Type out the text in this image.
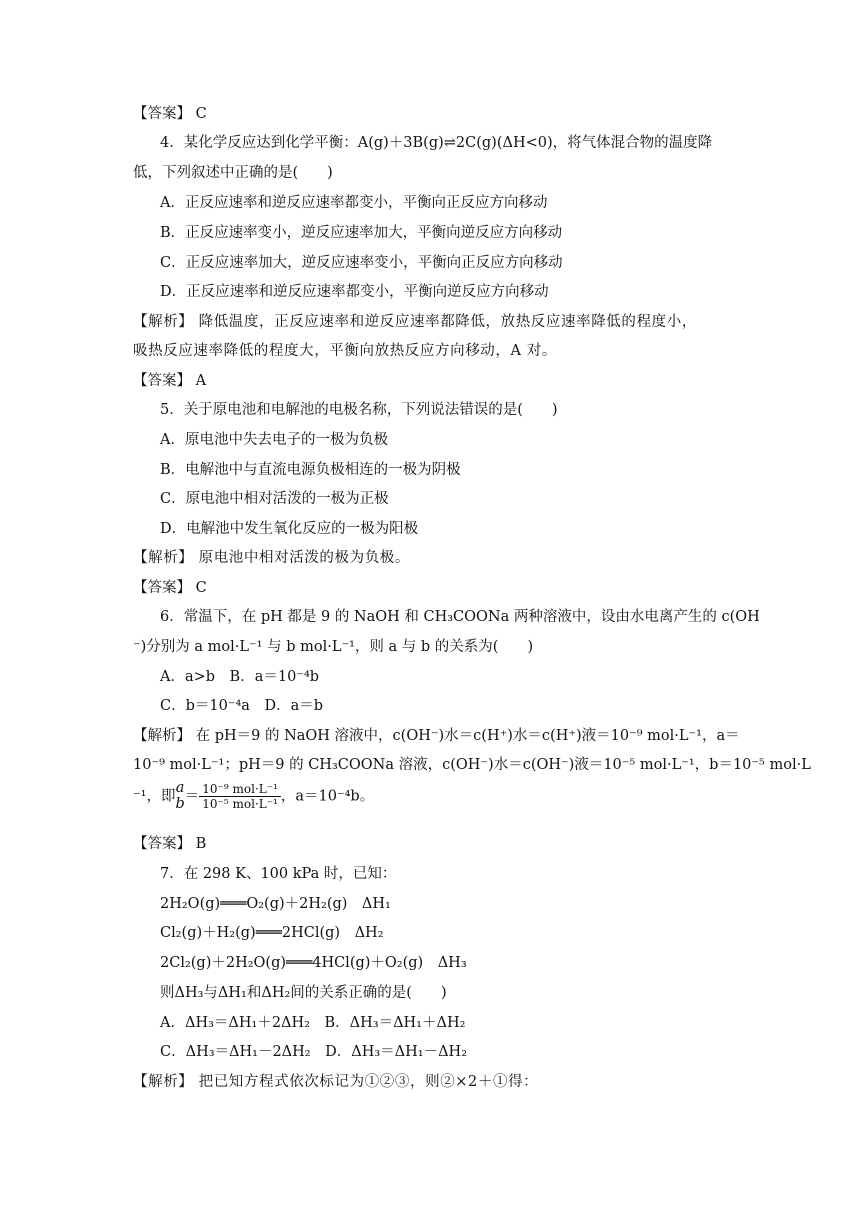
【答案】 C
4．某化学反应达到化学平衡：A(g)＋3B(g)⇌2C(g)(ΔH<0)，将气体混合物的温度降
低，下列叙述中正确的是(　　)
A．正反应速率和逆反应速率都变小，平衡向正反应方向移动
B．正反应速率变小，逆反应速率加大，平衡向逆反应方向移动
C．正反应速率加大，逆反应速率变小，平衡向正反应方向移动
D．正反应速率和逆反应速率都变小，平衡向逆反应方向移动
【解析】 降低温度，正反应速率和逆反应速率都降低，放热反应速率降低的程度小，
吸热反应速率降低的程度大，平衡向放热反应方向移动，A 对。
【答案】 A
5．关于原电池和电解池的电极名称，下列说法错误的是(　　)
A．原电池中失去电子的一极为负极
B．电解池中与直流电源负极相连的一极为阴极
C．原电池中相对活泼的一极为正极
D．电解池中发生氧化反应的一极为阳极
【解析】 原电池中相对活泼的极为负极。
【答案】 C
6．常温下，在 pH 都是 9 的 NaOH 和 CH₃COONa 两种溶液中，设由水电离产生的 c(OH
⁻)分别为 a mol·L⁻¹ 与 b mol·L⁻¹，则 a 与 b 的关系为(　　)
A．a>b　B．a＝10⁻⁴b
C．b＝10⁻⁴a　D．a＝b
【解析】 在 pH＝9 的 NaOH 溶液中，c(OH⁻)水＝c(H⁺)水＝c(H⁺)液＝10⁻⁹ mol·L⁻¹，a＝
10⁻⁹ mol·L⁻¹；pH＝9 的 CH₃COONa 溶液，c(OH⁻)水＝c(OH⁻)液＝10⁻⁵ mol·L⁻¹，b＝10⁻⁵ mol·L
⁻¹，即
a
$b = \frac{\text{10⁻⁹ mol·L⁻¹}}{\text{10⁻⁵ mol·L⁻¹}}$ ，a＝10⁻⁴b。
【答案】 B
7．在 298 K、100 kPa 时，已知：
2H₂O(g)═══O₂(g)＋2H₂(g)　ΔH₁
Cl₂(g)＋H₂(g)═══2HCl(g)　ΔH₂
2Cl₂(g)＋2H₂O(g)═══4HCl(g)＋O₂(g)　ΔH₃
则ΔH₃与ΔH₁和ΔH₂间的关系正确的是(　　)
A．ΔH₃＝ΔH₁＋2ΔH₂　B．ΔH₃＝ΔH₁＋ΔH₂
C．ΔH₃＝ΔH₁－2ΔH₂　D．ΔH₃＝ΔH₁－ΔH₂
【解析】 把已知方程式依次标记为①②③，则②×2＋①得：
